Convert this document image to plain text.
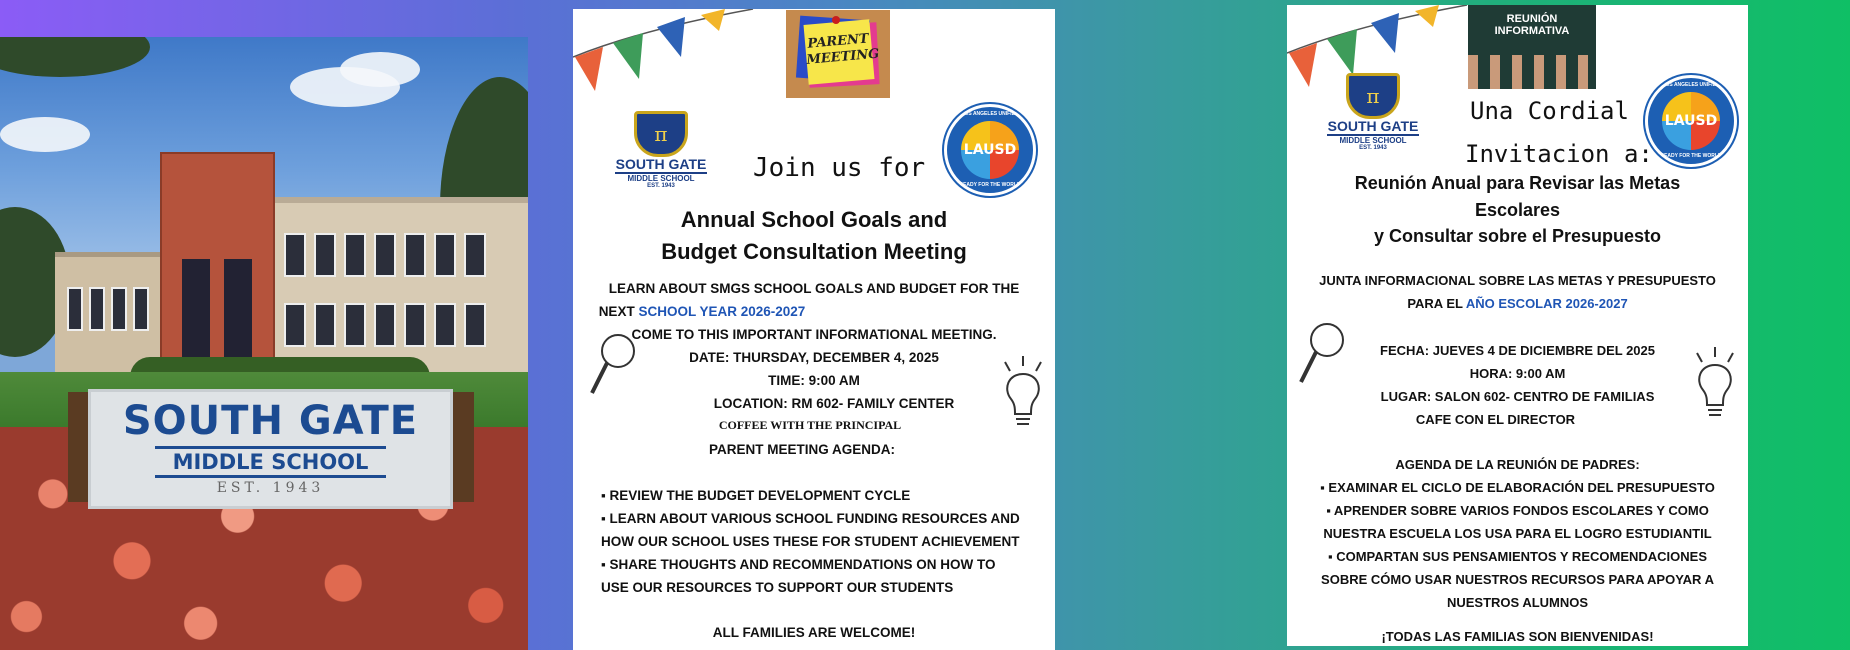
SOUTH GATE
MIDDLE SCHOOL
EST. 1943
PARENT MEETING
π
SOUTH GATE
MIDDLE SCHOOL
EST. 1943
LOS ANGELES UNIFIED
LAUSD
READY FOR THE WORLD
Join us for
Annual School Goals and
Budget Consultation Meeting
LEARN ABOUT SMGS SCHOOL GOALS AND BUDGET FOR THE
NEXT SCHOOL YEAR 2026-2027
COME TO THIS IMPORTANT INFORMATIONAL MEETING.
DATE: THURSDAY, DECEMBER 4, 2025
TIME: 9:00 AM
LOCATION: RM 602- FAMILY CENTER
COFFEE WITH THE PRINCIPAL
PARENT MEETING AGENDA:
▪ REVIEW THE BUDGET DEVELOPMENT CYCLE
▪ LEARN ABOUT VARIOUS SCHOOL FUNDING RESOURCES AND
HOW OUR SCHOOL USES THESE FOR STUDENT ACHIEVEMENT
▪ SHARE THOUGHTS AND RECOMMENDATIONS ON HOW TO
USE OUR RESOURCES TO SUPPORT OUR STUDENTS
ALL FAMILIES ARE WELCOME!
REUNIÓN
INFORMATIVA
π
SOUTH GATE
MIDDLE SCHOOL
EST. 1943
LOS ANGELES UNIFIED
LAUSD
READY FOR THE WORLD
Una Cordial
Invitacion a:
Reunión Anual para Revisar las Metas
Escolares
y Consultar sobre el Presupuesto
JUNTA INFORMACIONAL SOBRE LAS METAS Y PRESUPUESTO
PARA EL AÑO ESCOLAR 2026-2027
FECHA: JUEVES 4 DE DICIEMBRE DEL 2025
HORA: 9:00 AM
LUGAR: SALON 602- CENTRO DE FAMILIAS
CAFE CON EL DIRECTOR
AGENDA DE LA REUNIÓN DE PADRES:
▪ EXAMINAR EL CICLO DE ELABORACIÓN DEL PRESUPUESTO
▪ APRENDER SOBRE VARIOS FONDOS ESCOLARES Y COMO
NUESTRA ESCUELA LOS USA PARA EL LOGRO ESTUDIANTIL
▪ COMPARTAN SUS PENSAMIENTOS Y RECOMENDACIONES
SOBRE CÓMO USAR NUESTROS RECURSOS PARA APOYAR A
NUESTROS ALUMNOS
¡TODAS LAS FAMILIAS SON BIENVENIDAS!
